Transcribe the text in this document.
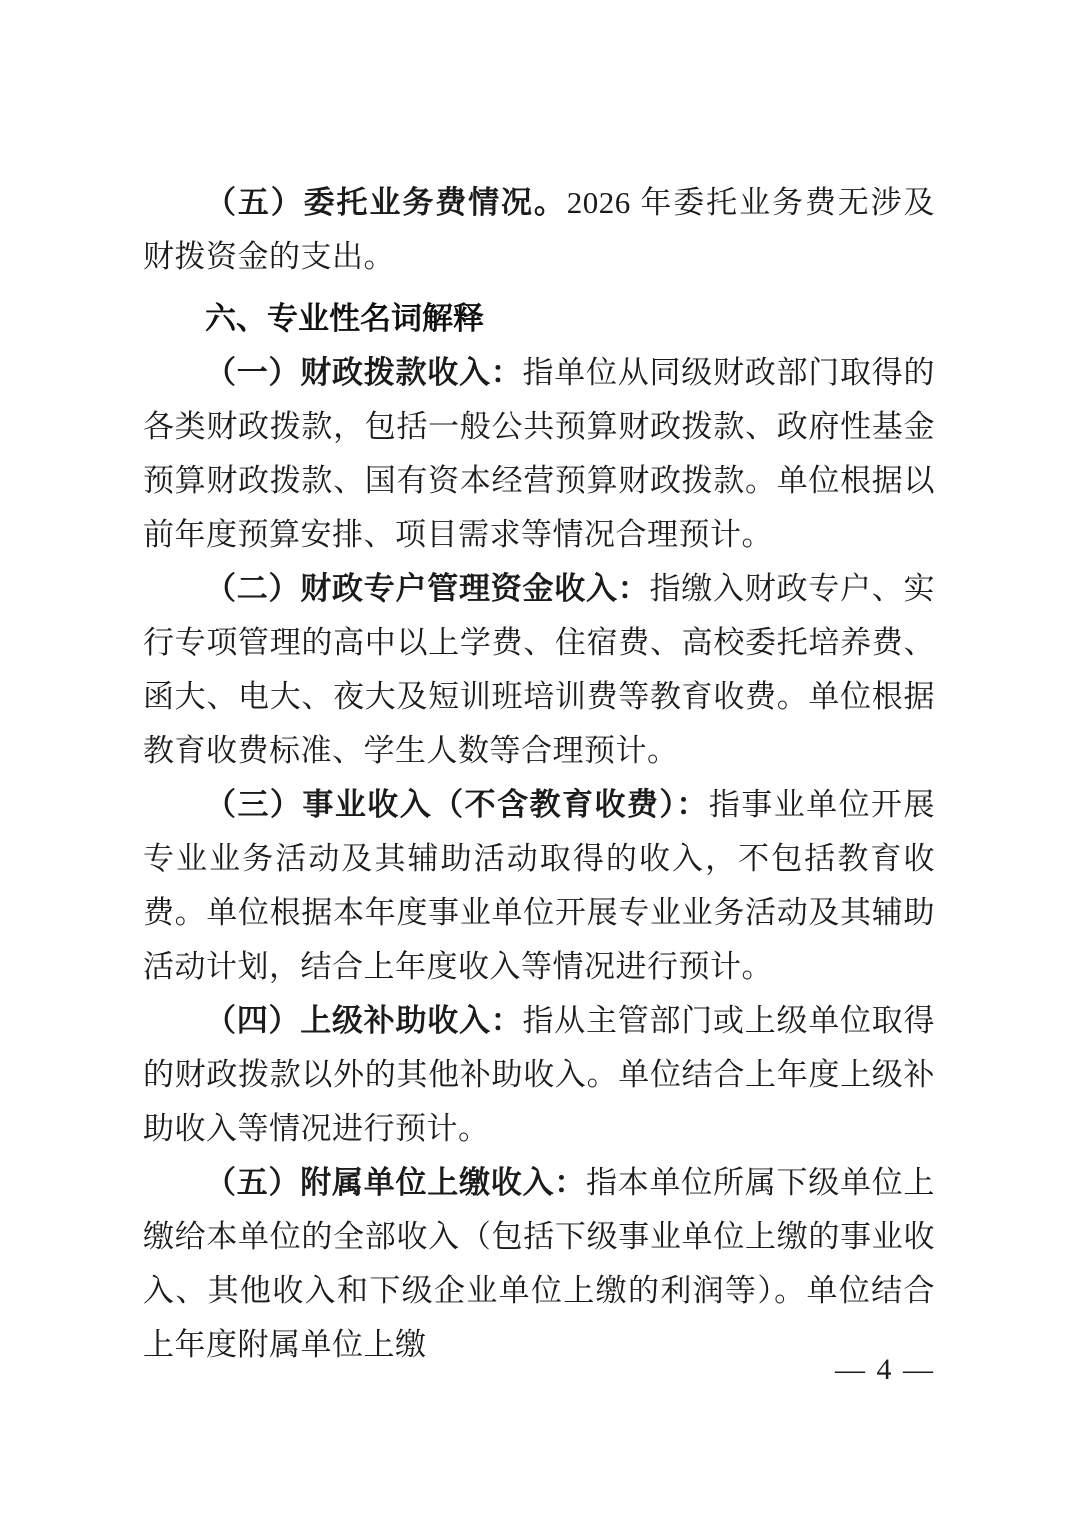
（五）委托业务费情况。2026 年委托业务费无涉及财拨资金的支出。

六、专业性名词解释

（一）财政拨款收入：指单位从同级财政部门取得的各类财政拨款，包括一般公共预算财政拨款、政府性基金预算财政拨款、国有资本经营预算财政拨款。单位根据以前年度预算安排、项目需求等情况合理预计。

（二）财政专户管理资金收入：指缴入财政专户、实行专项管理的高中以上学费、住宿费、高校委托培养费、函大、电大、夜大及短训班培训费等教育收费。单位根据教育收费标准、学生人数等合理预计。

（三）事业收入（不含教育收费）：指事业单位开展专业业务活动及其辅助活动取得的收入，不包括教育收费。单位根据本年度事业单位开展专业业务活动及其辅助活动计划，结合上年度收入等情况进行预计。

（四）上级补助收入：指从主管部门或上级单位取得的财政拨款以外的其他补助收入。单位结合上年度上级补助收入等情况进行预计。

（五）附属单位上缴收入：指本单位所属下级单位上缴给本单位的全部收入（包括下级事业单位上缴的事业收入、其他收入和下级企业单位上缴的利润等）。单位结合上年度附属单位上缴

— 4 —
